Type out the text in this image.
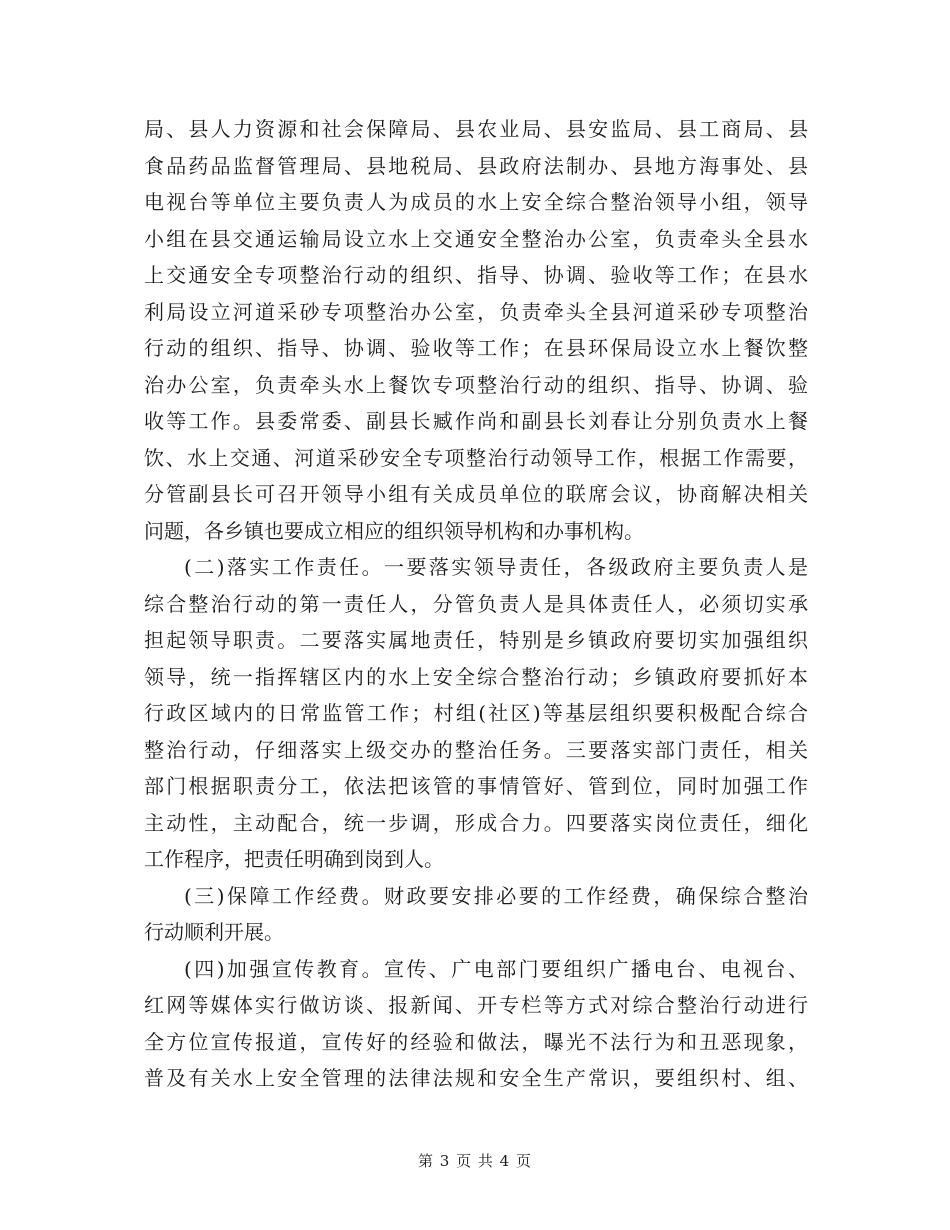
局、县人力资源和社会保障局、县农业局、县安监局、县工商局、县
食品药品监督管理局、县地税局、县政府法制办、县地方海事处、县
电视台等单位主要负责人为成员的水上安全综合整治领导小组，领导
小组在县交通运输局设立水上交通安全整治办公室，负责牵头全县水
上交通安全专项整治行动的组织、指导、协调、验收等工作；在县水
利局设立河道采砂专项整治办公室，负责牵头全县河道采砂专项整治
行动的组织、指导、协调、验收等工作；在县环保局设立水上餐饮整
治办公室，负责牵头水上餐饮专项整治行动的组织、指导、协调、验
收等工作。县委常委、副县长臧作尚和副县长刘春让分别负责水上餐
饮、水上交通、河道采砂安全专项整治行动领导工作，根据工作需要，
分管副县长可召开领导小组有关成员单位的联席会议，协商解决相关
问题，各乡镇也要成立相应的组织领导机构和办事机构。
(二)落实工作责任。一要落实领导责任，各级政府主要负责人是
综合整治行动的第一责任人，分管负责人是具体责任人，必须切实承
担起领导职责。二要落实属地责任，特别是乡镇政府要切实加强组织
领导，统一指挥辖区内的水上安全综合整治行动；乡镇政府要抓好本
行政区域内的日常监管工作；村组(社区)等基层组织要积极配合综合
整治行动，仔细落实上级交办的整治任务。三要落实部门责任，相关
部门根据职责分工，依法把该管的事情管好、管到位，同时加强工作
主动性，主动配合，统一步调，形成合力。四要落实岗位责任，细化
工作程序，把责任明确到岗到人。
(三)保障工作经费。财政要安排必要的工作经费，确保综合整治
行动顺利开展。
(四)加强宣传教育。宣传、广电部门要组织广播电台、电视台、
红网等媒体实行做访谈、报新闻、开专栏等方式对综合整治行动进行
全方位宣传报道，宣传好的经验和做法，曝光不法行为和丑恶现象，
普及有关水上安全管理的法律法规和安全生产常识，要组织村、组、
第 3 页 共 4 页
